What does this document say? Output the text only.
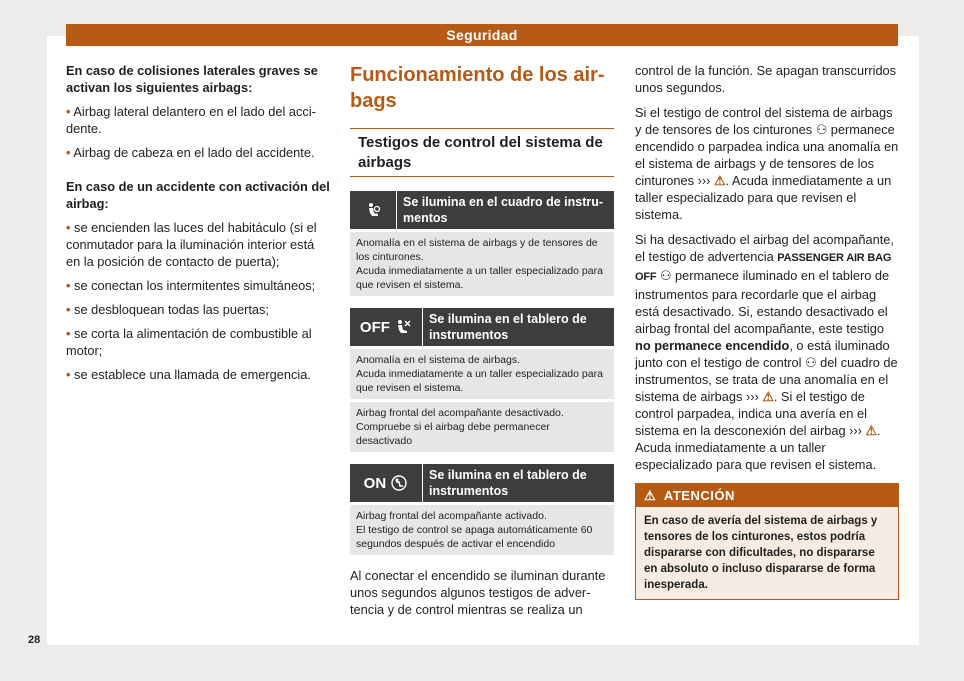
Seguridad

En caso de colisiones laterales graves se activan los siguientes airbags:

• Airbag lateral delantero en el lado del accidente.

• Airbag de cabeza en el lado del accidente.

En caso de un accidente con activación del airbag:

• se encienden las luces del habitáculo (si el conmutador para la iluminación interior está en la posición de contacto de puerta);

• se conectan los intermitentes simultáneos;

• se desbloquean todas las puertas;

• se corta la alimentación de combustible al motor;

• se establece una llamada de emergencia.

Funcionamiento de los airbags
Testigos de control del sistema de airbags
Se ilumina en el cuadro de instrumentos
Anomalía en el sistema de airbags y de tensores de los cinturones.
Acuda inmediatamente a un taller especializado para que revisen el sistema.
OFF
	Se ilumina en el tablero de instrumentos
Anomalía en el sistema de airbags.
Acuda inmediatamente a un taller especializado para que revisen el sistema.
Airbag frontal del acompañante desactivado.
Compruebe si el airbag debe permanecer desactivado
ON
	Se ilumina en el tablero de instrumentos
Airbag frontal del acompañante activado.
El testigo de control se apaga automáticamente 60 segundos después de activar el encendido

Al conectar el encendido se iluminan durante unos segundos algunos testigos de advertencia y de control mientras se realiza un

control de la función. Se apagan transcurridos unos segundos.

Si el testigo de control del sistema de airbags y de tensores de los cinturones ⚇ permanece encendido o parpadea indica una anomalía en el sistema de airbags y de tensores de los cinturones ››› ⚠. Acuda inmediatamente a un taller especializado para que revisen el sistema.

Si ha desactivado el airbag del acompañante, el testigo de advertencia PASSENGER AIR BAG OFF ⚇ permanece iluminado en el tablero de instrumentos para recordarle que el airbag está desactivado. Si, estando desactivado el airbag frontal del acompañante, este testigo no permanece encendido, o está iluminado junto con el testigo de control ⚇ del cuadro de instrumentos, se trata de una anomalía en el sistema de airbags ››› ⚠. Si el testigo de control parpadea, indica una avería en el sistema en la desconexión del airbag ››› ⚠. Acuda inmediatamente a un taller especializado para que revisen el sistema.

⚠ ATENCIÓN
En caso de avería del sistema de airbags y tensores de los cinturones, estos podría dispararse con dificultades, no dispararse en absoluto o incluso dispararse de forma inesperada.
28
